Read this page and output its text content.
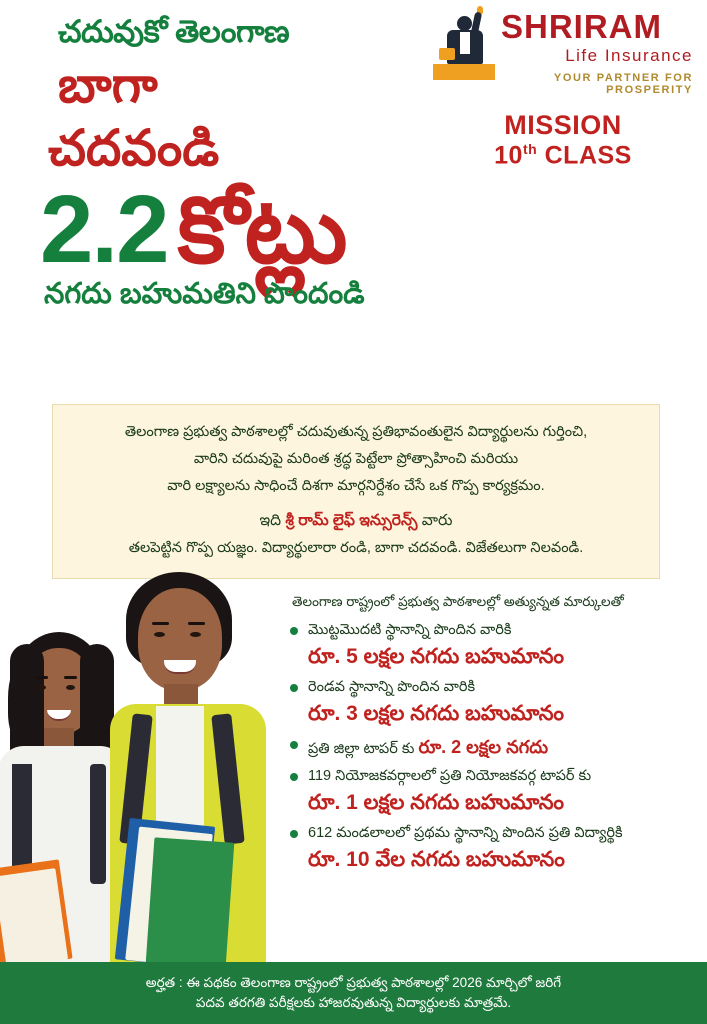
చదువుకో తెలంగాణ
బాగా
చదవండి
2.2 కోట్లు
నగదు బహుమతిని పొందండి
SHRIRAM
Life Insurance
YOUR PARTNER FOR PROSPERITY
MISSION
10th CLASS
తెలంగాణ ప్రభుత్వ పాఠశాలల్లో చదువుతున్న ప్రతిభావంతులైన విద్యార్థులను గుర్తించి,
వారిని చదువుపై మరింత శ్రద్ధ పెట్టేలా ప్రోత్సాహించి మరియు
వారి లక్ష్యాలను సాధించే దిశగా మార్గనిర్దేశం చేసే ఒక గొప్ప కార్యక్రమం.
ఇది శ్రీ రామ్ లైఫ్ ఇన్సురెన్స్ వారు
తలపెట్టిన గొప్ప యజ్ఞం. విద్యార్థులారా రండి, బాగా చదవండి. విజేతలుగా నిలవండి.
తెలంగాణ రాష్ట్రంలో ప్రభుత్వ పాఠశాలల్లో అత్యున్నత మార్కులతో
మొట్టమొదటి స్థానాన్ని పొందిన వారికి
రూ. 5 లక్షల నగదు బహుమానం
రెండవ స్థానాన్ని పొందిన వారికి
రూ. 3 లక్షల నగదు బహుమానం
ప్రతి జిల్లా టాపర్ కు రూ. 2 లక్షల నగదు
119 నియోజకవర్గాలలో ప్రతి నియోజకవర్గ టాపర్ కు
రూ. 1 లక్షల నగదు బహుమానం
612 మండలాలలో ప్రథమ స్థానాన్ని పొందిన ప్రతి విద్యార్థికి
రూ. 10 వేల నగదు బహుమానం
అర్హత : ఈ పథకం తెలంగాణ రాష్ట్రంలో ప్రభుత్వ పాఠశాలల్లో 2026 మార్చిలో జరిగే
పదవ తరగతి పరీక్షలకు హాజరవుతున్న విద్యార్థులకు మాత్రమే.
